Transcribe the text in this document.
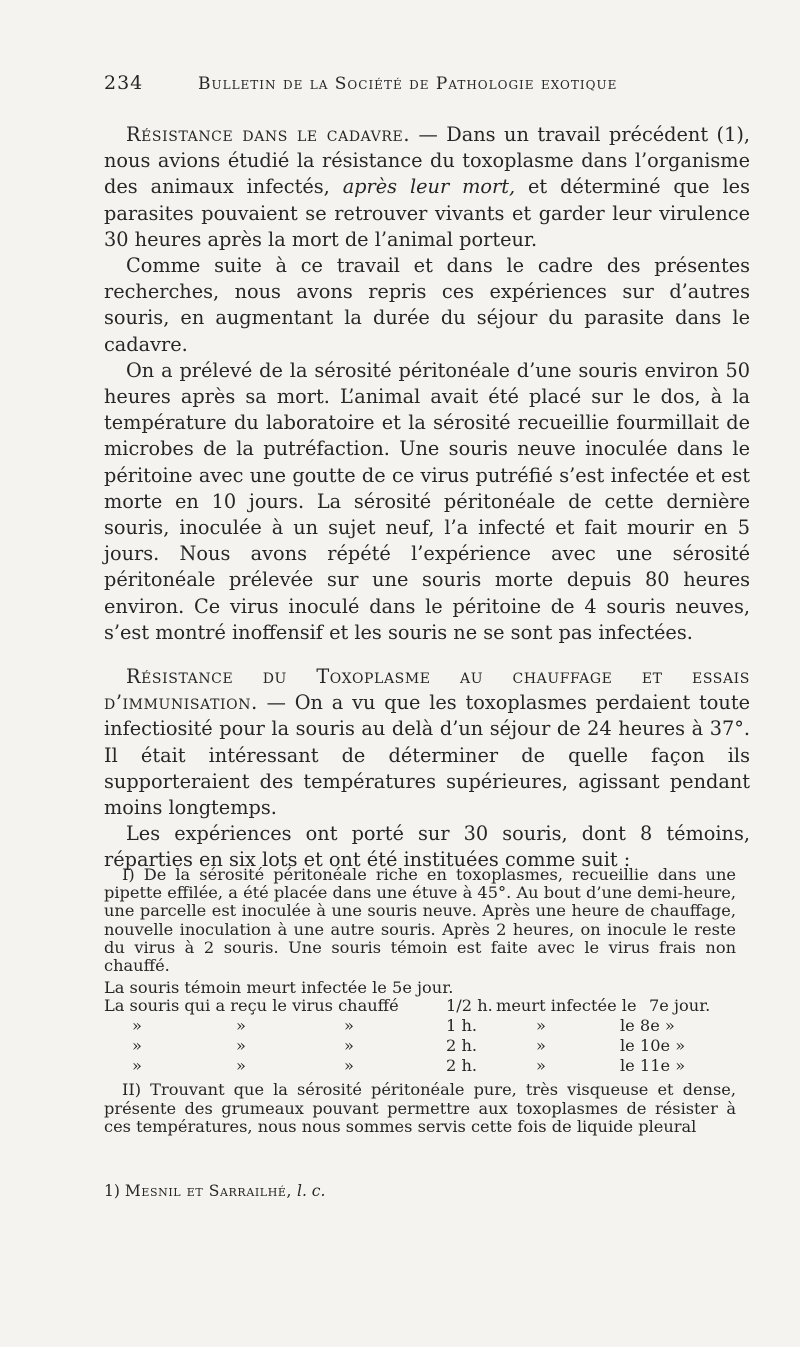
234	Bulletin de la Société de Pathologie exotique

Résistance dans le cadavre. — Dans un travail précédent (1), nous avions étudié la résistance du toxoplasme dans l’organisme des animaux infectés, après leur mort, et déterminé que les parasites pouvaient se retrouver vivants et garder leur virulence 30 heures après la mort de l’animal porteur.

Comme suite à ce travail et dans le cadre des présentes recherches, nous avons repris ces expériences sur d’autres souris, en augmentant la durée du séjour du parasite dans le cadavre.

On a prélevé de la sérosité péritonéale d’une souris environ 50 heures après sa mort. L’animal avait été placé sur le dos, à la température du laboratoire et la sérosité recueillie fourmillait de microbes de la putréfaction. Une souris neuve inoculée dans le péritoine avec une goutte de ce virus putréfié s’est infectée et est morte en 10 jours. La sérosité péritonéale de cette dernière souris, inoculée à un sujet neuf, l’a infecté et fait mourir en 5 jours. Nous avons répété l’expérience avec une sérosité péritonéale prélevée sur une souris morte depuis 80 heures environ. Ce virus inoculé dans le péritoine de 4 souris neuves, s’est montré inoffensif et les souris ne se sont pas infectées.

Résistance du Toxoplasme au chauffage et essais d’immunisation. — On a vu que les toxoplasmes perdaient toute infectiosité pour la souris au delà d’un séjour de 24 heures à 37°. Il était intéressant de déterminer de quelle façon ils supporteraient des températures supérieures, agissant pendant moins longtemps.

Les expériences ont porté sur 30 souris, dont 8 témoins, réparties en six lots et ont été instituées comme suit :

I) De la sérosité péritonéale riche en toxoplasmes, recueillie dans une pipette effilée, a été placée dans une étuve à 45°. Au bout d’une demi-heure, une parcelle est inoculée à une souris neuve. Après une heure de chauffage, nouvelle inoculation à une autre souris. Après 2 heures, on inocule le reste du virus à 2 souris. Une souris témoin est faite avec le virus frais non chauffé.

La souris témoin meurt infectée le 5e jour.

La souris qui a reçu le virus chauffé	1/2 h. meurt infectée le 7e jour.
»	»	»	1 h.	»	le 8e »
»	»	»	2 h.	»	le 10e »
»	»	»	2 h.	»	le 11e »

II) Trouvant que la sérosité péritonéale pure, très visqueuse et dense, présente des grumeaux pouvant permettre aux toxoplasmes de résister à ces températures, nous nous sommes servis cette fois de liquide pleural

1) Mesnil et Sarrailhé, l. c.
